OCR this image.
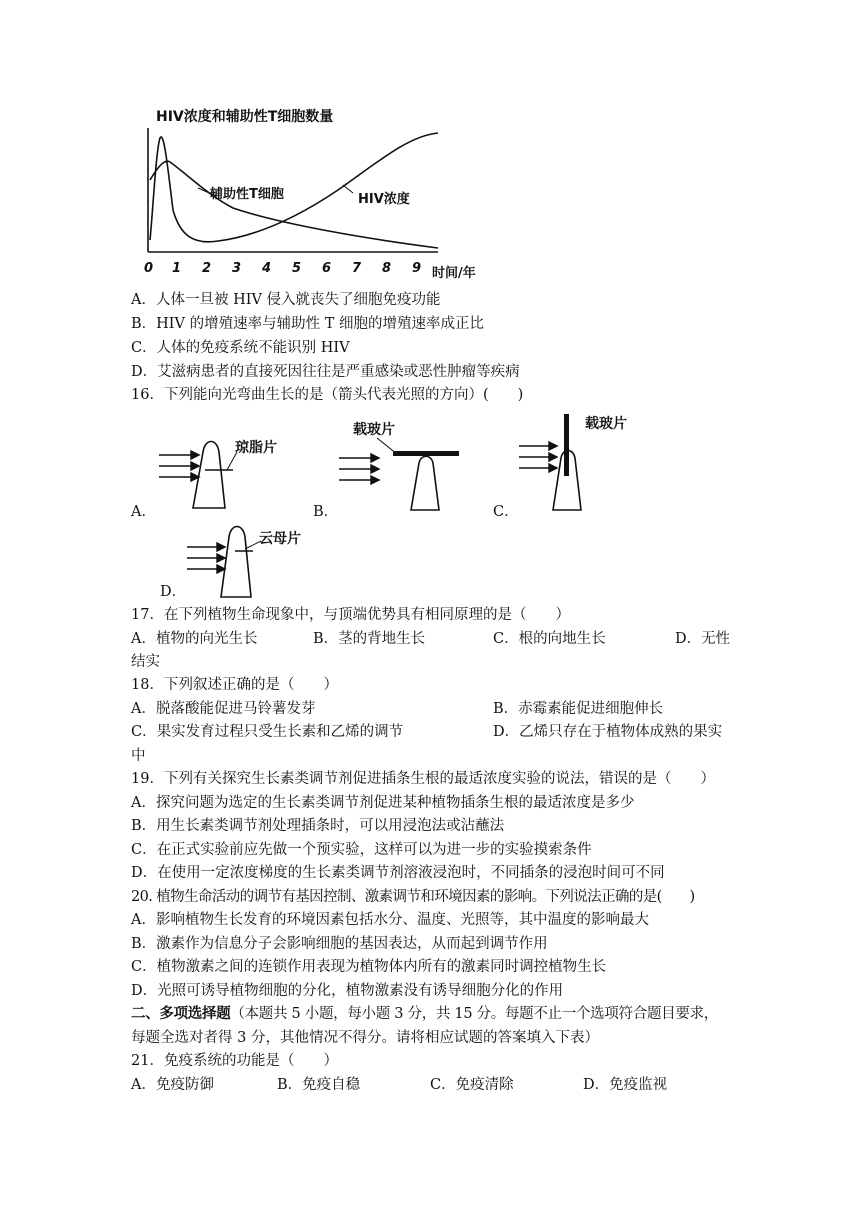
HIV浓度和辅助性T细胞数量
辅助性T细胞	HIV浓度
0 1 2 3 4 5 6 7 8 9 时间/年
A．人体一旦被 HIV 侵入就丧失了细胞免疫功能
B．HIV 的增殖速率与辅助性 T 细胞的增殖速率成正比
C．人体的免疫系统不能识别 HIV
D．艾滋病患者的直接死因往往是严重感染或恶性肿瘤等疾病
16．下列能向光弯曲生长的是（箭头代表光照的方向）(　　)
琼脂片
A．
载玻片
B．
载玻片
C．
云母片
D．
17．在下列植物生命现象中，与顶端优势具有相同原理的是（　　）
A．植物的向光生长	B．茎的背地生长	C．根的向地生长	D．无性
结实
18．下列叙述正确的是（　　）
A．脱落酸能促进马铃薯发芽	B．赤霉素能促进细胞伸长
C．果实发育过程只受生长素和乙烯的调节	D．乙烯只存在于植物体成熟的果实
中
19．下列有关探究生长素类调节剂促进插条生根的最适浓度实验的说法，错误的是（　　）
A．探究问题为选定的生长素类调节剂促进某种植物插条生根的最适浓度是多少
B．用生长素类调节剂处理插条时，可以用浸泡法或沾蘸法
C．在正式实验前应先做一个预实验，这样可以为进一步的实验摸索条件
D．在使用一定浓度梯度的生长素类调节剂溶液浸泡时，不同插条的浸泡时间可不同
20. 植物生命活动的调节有基因控制、激素调节和环境因素的影响。下列说法正确的是(　　)
A．影响植物生长发育的环境因素包括水分、温度、光照等，其中温度的影响最大
B．激素作为信息分子会影响细胞的基因表达，从而起到调节作用
C．植物激素之间的连锁作用表现为植物体内所有的激素同时调控植物生长
D．光照可诱导植物细胞的分化，植物激素没有诱导细胞分化的作用
二、多项选择题（本题共 5 小题，每小题 3 分，共 15 分。每题不止一个选项符合题目要求，
每题全选对者得 3 分，其他情况不得分。请将相应试题的答案填入下表）
21．免疫系统的功能是（　　）
A．免疫防御	B．免疫自稳	C．免疫清除	D．免疫监视
